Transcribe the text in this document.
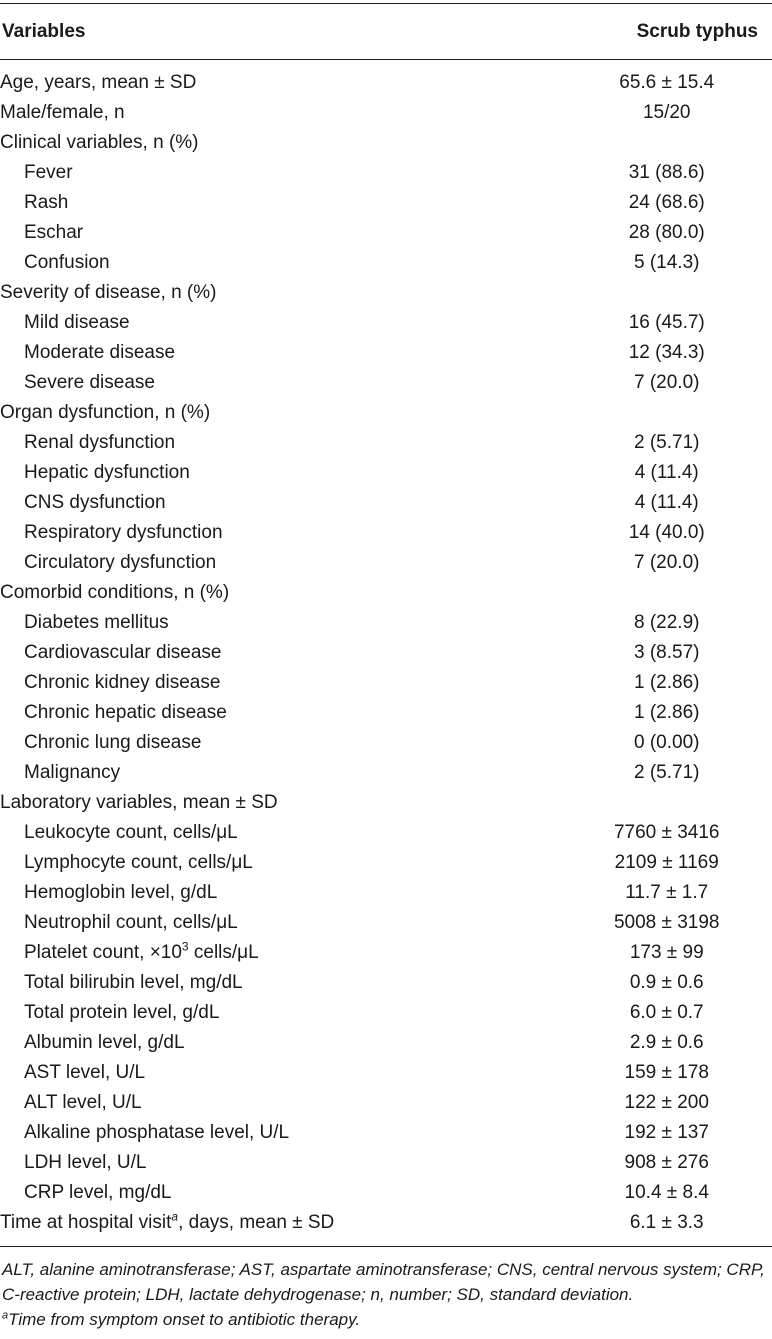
Variables	Scrub typhus
Age, years, mean ± SD	65.6 ± 15.4
Male/female, n	15/20
Clinical variables, n (%)	
Fever	31 (88.6)
Rash	24 (68.6)
Eschar	28 (80.0)
Confusion	5 (14.3)
Severity of disease, n (%)	
Mild disease	16 (45.7)
Moderate disease	12 (34.3)
Severe disease	7 (20.0)
Organ dysfunction, n (%)	
Renal dysfunction	2 (5.71)
Hepatic dysfunction	4 (11.4)
CNS dysfunction	4 (11.4)
Respiratory dysfunction	14 (40.0)
Circulatory dysfunction	7 (20.0)
Comorbid conditions, n (%)	
Diabetes mellitus	8 (22.9)
Cardiovascular disease	3 (8.57)
Chronic kidney disease	1 (2.86)
Chronic hepatic disease	1 (2.86)
Chronic lung disease	0 (0.00)
Malignancy	2 (5.71)
Laboratory variables, mean ± SD	
Leukocyte count, cells/μL	7760 ± 3416
Lymphocyte count, cells/μL	2109 ± 1169
Hemoglobin level, g/dL	11.7 ± 1.7
Neutrophil count, cells/μL	5008 ± 3198
Platelet count, $\times 10^3$ cells/μL	173 ± 99
Total bilirubin level, mg/dL	0.9 ± 0.6
Total protein level, g/dL	6.0 ± 0.7
Albumin level, g/dL	2.9 ± 0.6
AST level, U/L	159 ± 178
ALT level, U/L	122 ± 200
Alkaline phosphatase level, U/L	192 ± 137
LDH level, U/L	908 ± 276
CRP level, mg/dL	10.4 ± 8.4
Time at hospital visit$^a$, days, mean ± SD	6.1 ± 3.3

ALT, alanine aminotransferase; AST, aspartate aminotransferase; CNS, central nervous system; CRP, C-reactive protein; LDH, lactate dehydrogenase; n, number; SD, standard deviation.

$^a$Time from symptom onset to antibiotic therapy.
